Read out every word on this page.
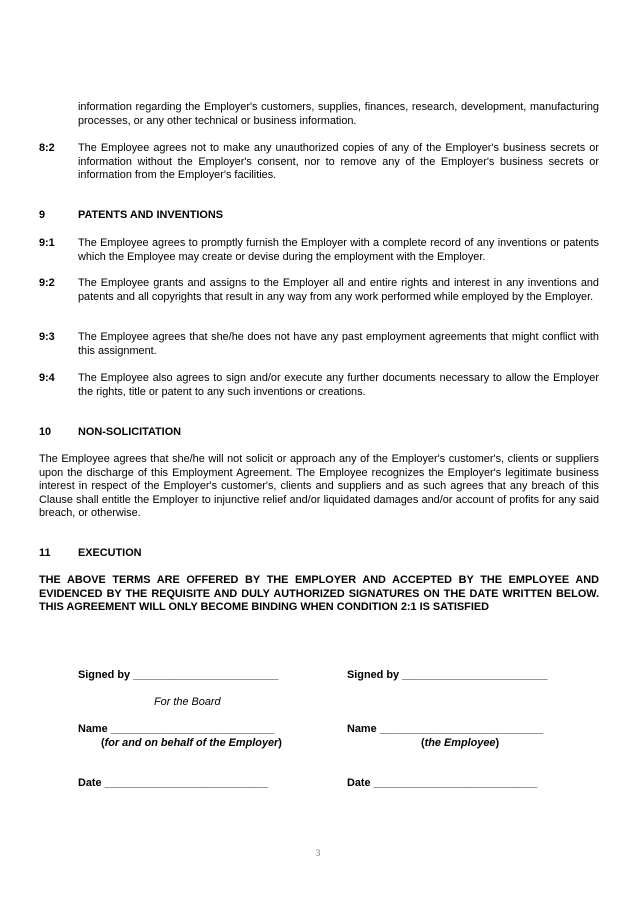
information regarding the Employer's customers, supplies, finances, research, development, manufacturing processes, or any other technical or business information.

8:2 The Employee agrees not to make any unauthorized copies of any of the Employer's business secrets or information without the Employer's consent, nor to remove any of the Employer's business secrets or information from the Employer's facilities.

9	PATENTS AND INVENTIONS
9:1 The Employee agrees to promptly furnish the Employer with a complete record of any inventions or patents which the Employee may create or devise during the employment with the Employer.

9:2 The Employee grants and assigns to the Employer all and entire rights and interest in any inventions and patents and all copyrights that result in any way from any work performed while employed by the Employer.

9:3 The Employee agrees that she/he does not have any past employment agreements that might conflict with this assignment.

9:4 The Employee also agrees to sign and/or execute any further documents necessary to allow the Employer the rights, title or patent to any such inventions or creations.

10 NON-SOLICITATION

The Employee agrees that she/he will not solicit or approach any of the Employer's customer's, clients or suppliers upon the discharge of this Employment Agreement. The Employee recognizes the Employer's legitimate business interest in respect of the Employer's customer's, clients and suppliers and as such agrees that any breach of this Clause shall entitle the Employer to injunctive relief and/or liquidated damages and/or account of profits for any said breach, or otherwise.

11	EXECUTION

THE ABOVE TERMS ARE OFFERED BY THE EMPLOYER AND ACCEPTED BY THE EMPLOYEE AND EVIDENCED BY THE REQUISITE AND DULY AUTHORIZED SIGNATURES ON THE DATE WRITTEN BELOW. THIS AGREEMENT WILL ONLY BECOME BINDING WHEN CONDITION 2:1 IS SATISFIED

Signed by ________________________
For the Board
Name ___________________________
(for and on behalf of the Employer)
Date ___________________________
Signed by ________________________
Name ___________________________
(the Employee)
Date ___________________________
3
